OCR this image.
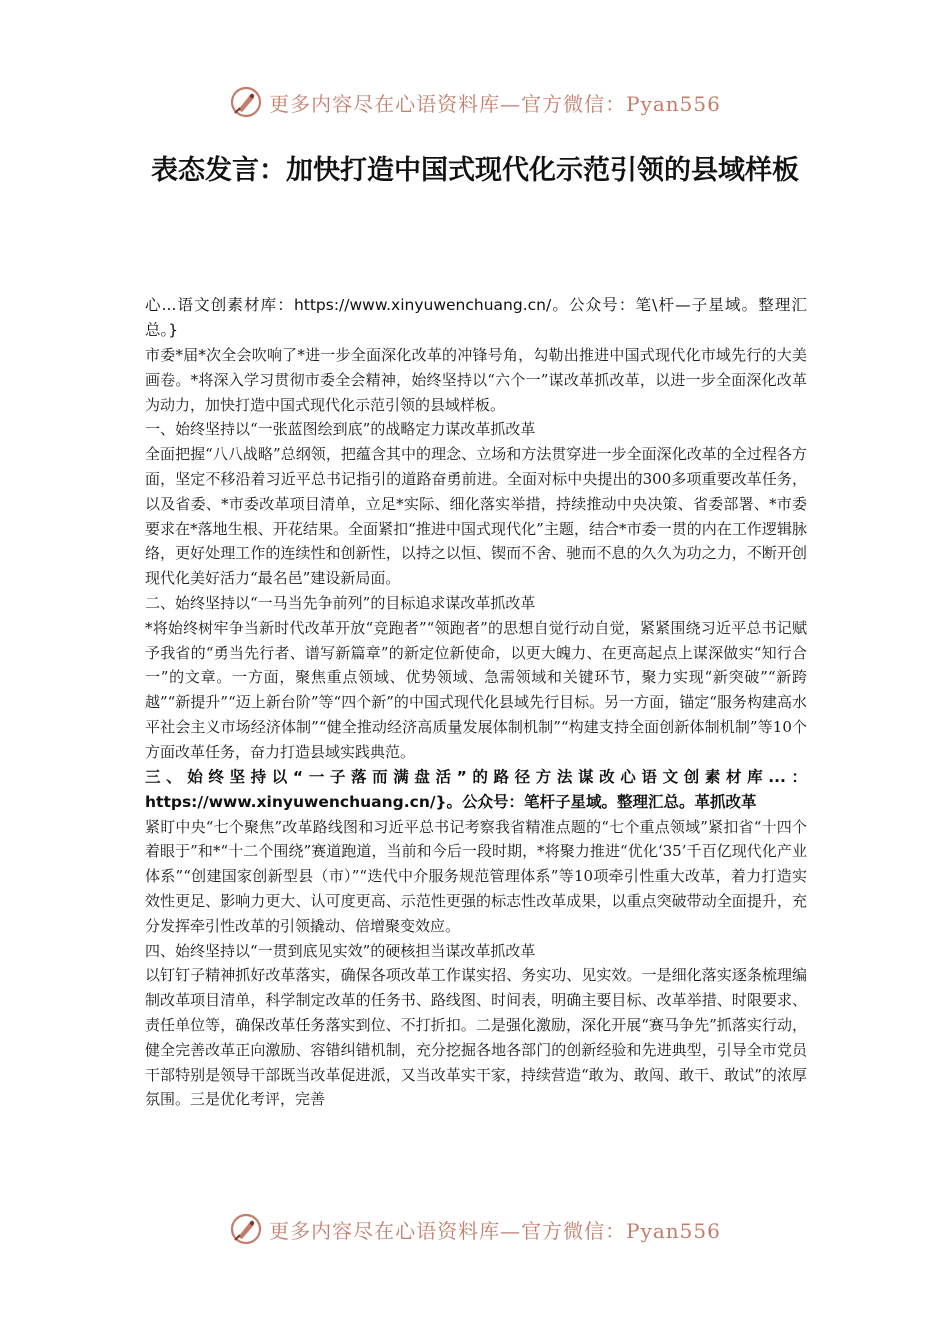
更多内容尽在心语资料库—官方微信：Pyan556
表态发言：加快打造中国式现代化示范引领的县域样板

心...语文创素材库：https://www.xinyuwenchuang.cn/。公众号：笔\杆—子星域。整理汇总。}

市委*届*次全会吹响了*进一步全面深化改革的冲锋号角，勾勒出推进中国式现代化市域先行的大美画卷。*将深入学习贯彻市委全会精神，始终坚持以“六个一”谋改革抓改革，以进一步全面深化改革为动力，加快打造中国式现代化示范引领的县域样板。

一、始终坚持以“一张蓝图绘到底”的战略定力谋改革抓改革

全面把握“八八战略”总纲领，把蕴含其中的理念、立场和方法贯穿进一步全面深化改革的全过程各方面，坚定不移沿着习近平总书记指引的道路奋勇前进。全面对标中央提出的300多项重要改革任务，以及省委、*市委改革项目清单，立足*实际、细化落实举措，持续推动中央决策、省委部署、*市委要求在*落地生根、开花结果。全面紧扣“推进中国式现代化”主题，结合*市委一贯的内在工作逻辑脉络，更好处理工作的连续性和创新性，以持之以恒、锲而不舍、驰而不息的久久为功之力，不断开创现代化美好活力“最名邑”建设新局面。

二、始终坚持以“一马当先争前列”的目标追求谋改革抓改革

*将始终树牢争当新时代改革开放“竞跑者”“领跑者”的思想自觉行动自觉，紧紧围绕习近平总书记赋予我省的“勇当先行者、谱写新篇章”的新定位新使命，以更大魄力、在更高起点上谋深做实“知行合一”的文章。一方面，聚焦重点领域、优势领域、急需领域和关键环节，聚力实现“新突破”“新跨越”“新提升”“迈上新台阶”等“四个新”的中国式现代化县域先行目标。另一方面，锚定“服务构建高水平社会主义市场经济体制”“健全推动经济高质量发展体制机制”“构建支持全面创新体制机制”等10个方面改革任务，奋力打造县域实践典范。

三、始终坚持以“一子落而满盘活”的路径方法谋改心语文创素材库...：https://www.xinyuwenchuang.cn/}。公众号：笔杆子星域。整理汇总。革抓改革

紧盯中央“七个聚焦”改革路线图和习近平总书记考察我省精准点题的“七个重点领域”紧扣省“十四个着眼于”和*“十二个围绕”赛道跑道，当前和今后一段时期，*将聚力推进“优化‘35’千百亿现代化产业体系”“创建国家创新型县（市）”“迭代中介服务规范管理体系”等10项牵引性重大改革，着力打造实效性更足、影响力更大、认可度更高、示范性更强的标志性改革成果，以重点突破带动全面提升，充分发挥牵引性改革的引领撬动、倍增聚变效应。

四、始终坚持以“一贯到底见实效”的硬核担当谋改革抓改革

以钉钉子精神抓好改革落实，确保各项改革工作谋实招、务实功、见实效。一是细化落实逐条梳理编制改革项目清单，科学制定改革的任务书、路线图、时间表，明确主要目标、改革举措、时限要求、责任单位等，确保改革任务落实到位、不打折扣。二是强化激励，深化开展“赛马争先”抓落实行动，健全完善改革正向激励、容错纠错机制，充分挖掘各地各部门的创新经验和先进典型，引导全市党员干部特别是领导干部既当改革促进派，又当改革实干家，持续营造“敢为、敢闯、敢干、敢试”的浓厚氛围。三是优化考评，完善

更多内容尽在心语资料库—官方微信：Pyan556
